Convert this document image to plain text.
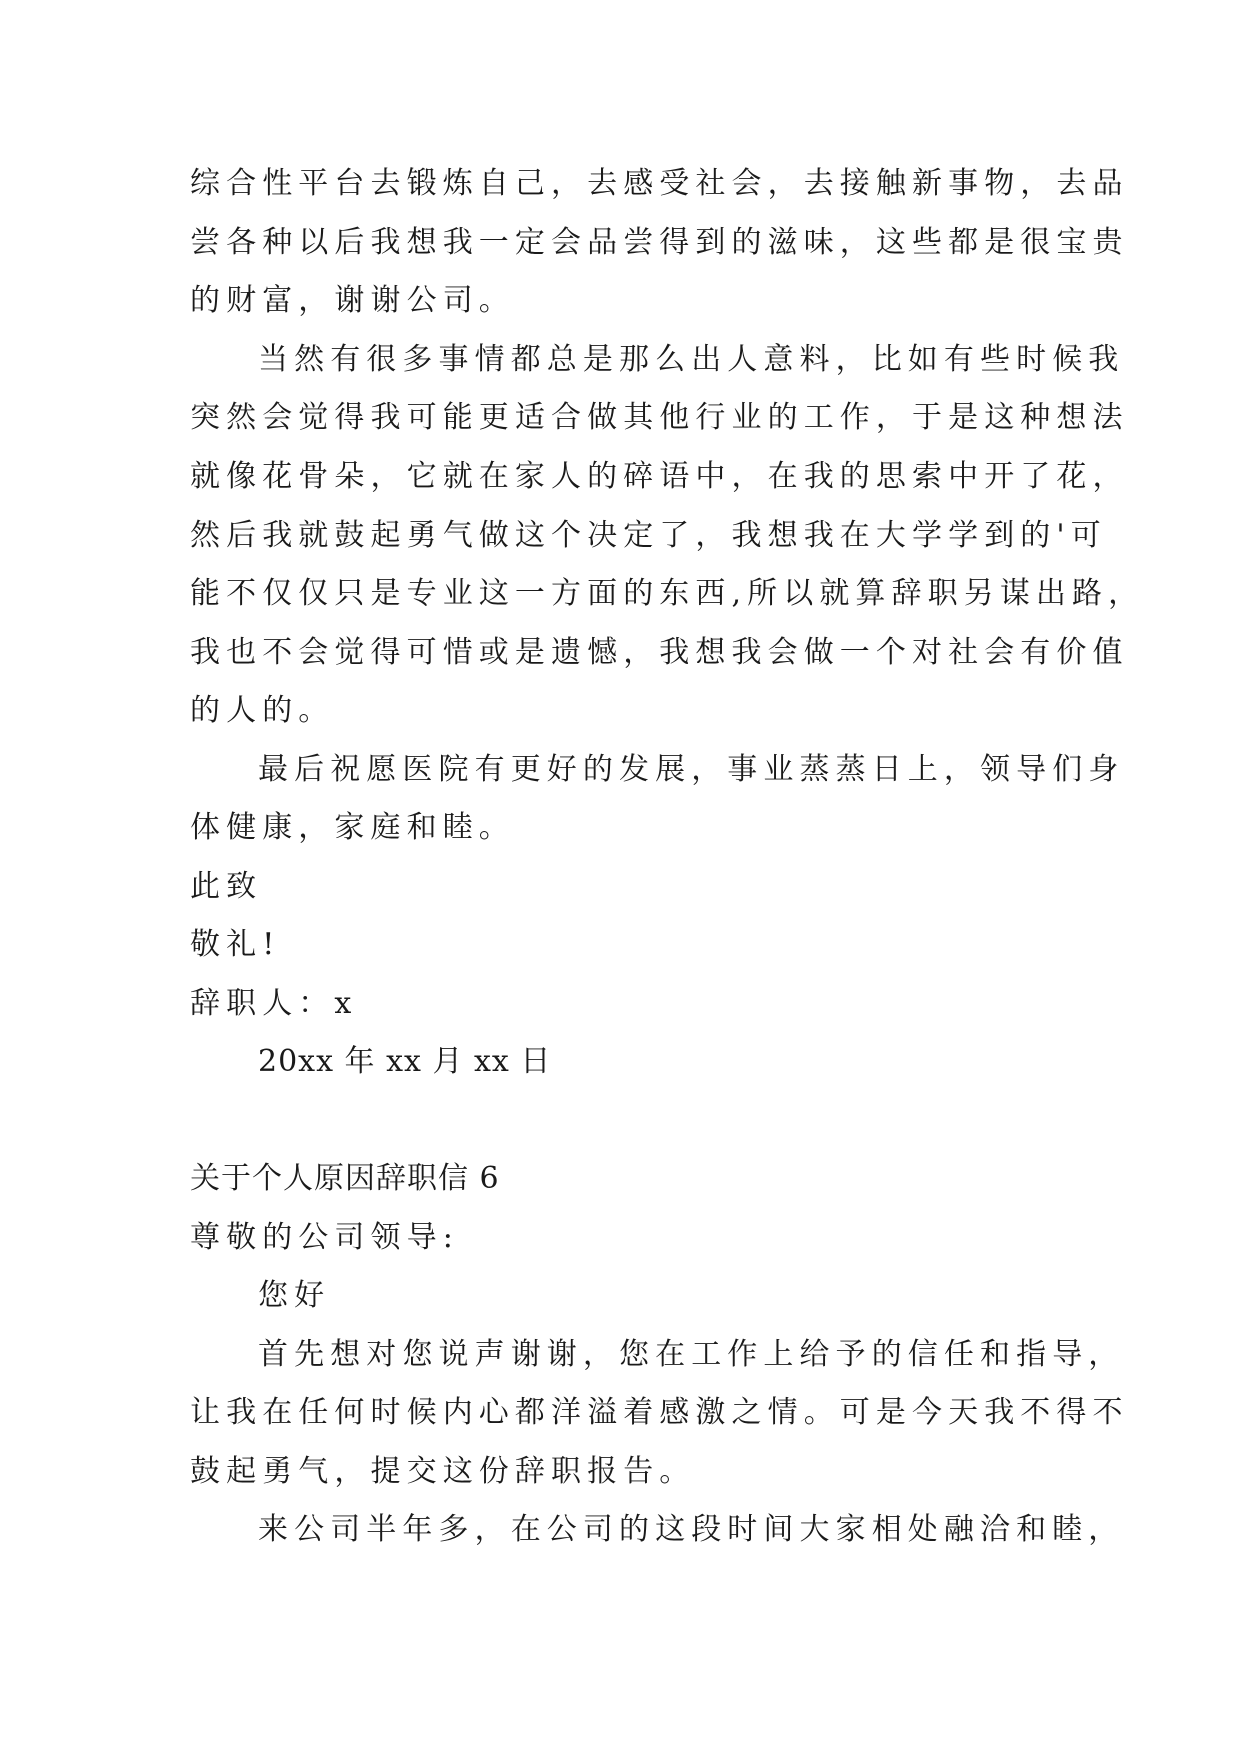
综合性平台去锻炼自己，去感受社会，去接触新事物，去品
尝各种以后我想我一定会品尝得到的滋味，这些都是很宝贵
的财富，谢谢公司。
当然有很多事情都总是那么出人意料，比如有些时候我
突然会觉得我可能更适合做其他行业的工作，于是这种想法
就像花骨朵，它就在家人的碎语中，在我的思索中开了花，
然后我就鼓起勇气做这个决定了，我想我在大学学到的'可
能不仅仅只是专业这一方面的东西,所以就算辞职另谋出路，
我也不会觉得可惜或是遗憾，我想我会做一个对社会有价值
的人的。
最后祝愿医院有更好的发展，事业蒸蒸日上，领导们身
体健康，家庭和睦。
此致
敬礼!
辞职人：x
20xx 年 xx 月 xx 日
关于个人原因辞职信 6
尊敬的公司领导:
您好
首先想对您说声谢谢，您在工作上给予的信任和指导，
让我在任何时候内心都洋溢着感激之情。可是今天我不得不
鼓起勇气，提交这份辞职报告。
来公司半年多，在公司的这段时间大家相处融洽和睦，
